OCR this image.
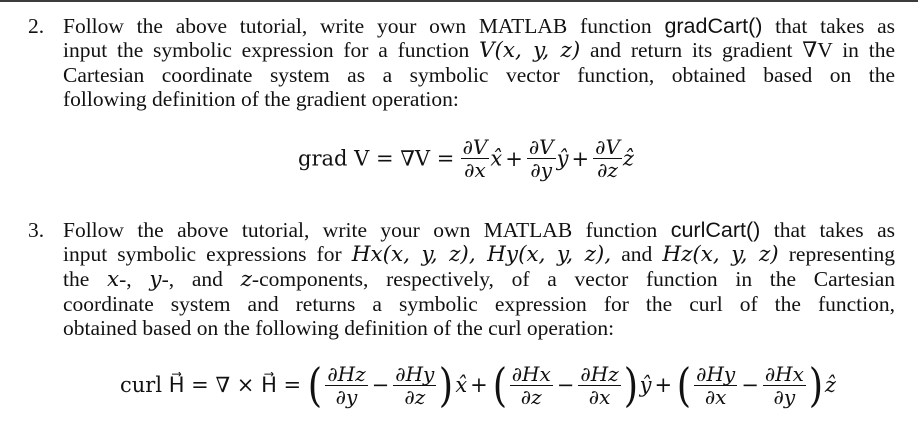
2. Follow the above tutorial, write your own MATLAB function gradCart() that takes as
input the symbolic expression for a function V(x, y, z) and return its gradient ∇V in the
Cartesian coordinate system as a symbolic vector function, obtained based on the
following definition of the gradient operation:
grad $V = \nabla V = \frac{\partial V}{\partial x}$ x̂ + $\frac{\partial V}{\partial y}$ ŷ + $\frac{\partial V}{\partial z}$ ẑ
3. Follow the above tutorial, write your own MATLAB function curlCart() that takes as
input symbolic expressions for Hx(x, y, z), Hy(x, y, z), and Hz(x, y, z) representing
the x-, y-, and z-components, respectively, of a vector function in the Cartesian
coordinate system and returns a symbolic expression for the curl of the function,
obtained based on the following definition of the curl operation:
curl H⃗ = ∇ × H⃗ = ( $\frac{\partial Hz}{\partial y} - \frac{\partial Hy}{\partial z}$ )x̂ + ( $\frac{\partial Hx}{\partial z} - \frac{\partial Hz}{\partial x}$ )ŷ + ( $\frac{\partial Hy}{\partial x} - \frac{\partial Hx}{\partial y}$ )ẑ
